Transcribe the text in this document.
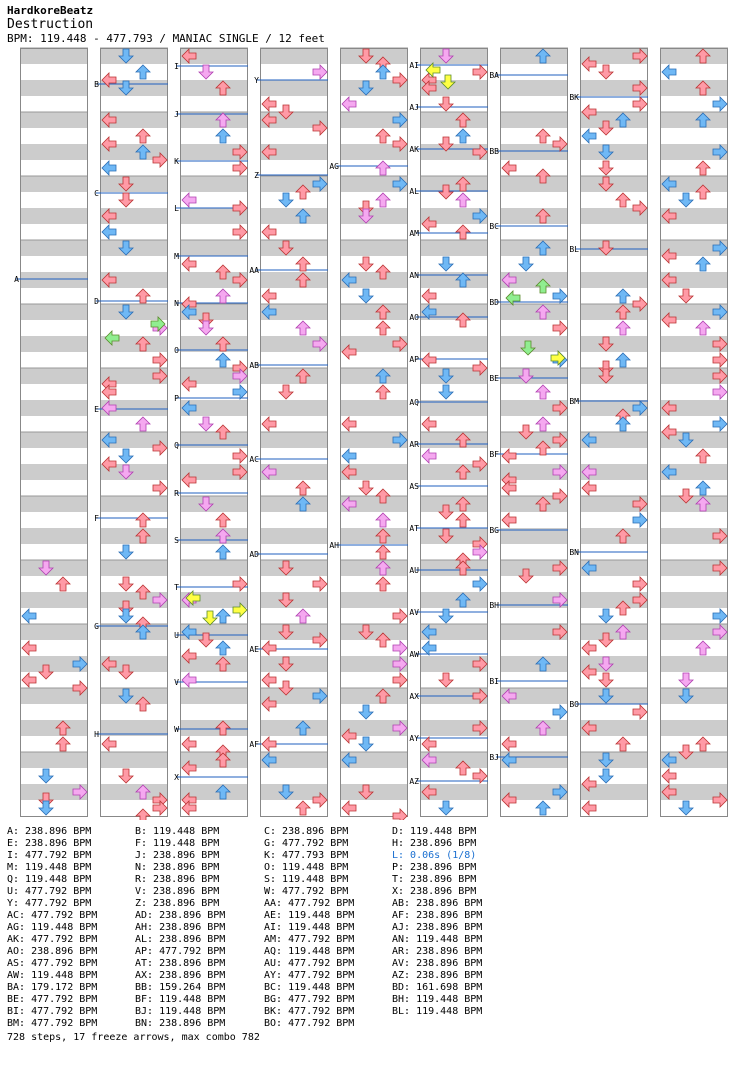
HardkoreBeatz
Destruction
BPM: 119.448 - 477.793 / MANIAC SINGLE / 12 feet
A
B
C
D
E
F
G
H
I
J
K
L
M
N
O
P
Q
R
S
T
U
V
W
X
Y
Z
AA
AB
AC
AD
AE
AF
AG
AH
AI
AJ
AK
AL
AM
AN
AO
AP
AQ
AR
AS
AT
AU
AV
AW
AX
AY
AZ
BA
BB
BC
BD
BE
BF
BG
BH
BI
BJ
BK
BL
BM
BN
BO
A: 238.896 BPM	B: 119.448 BPM	C: 238.896 BPM	D: 119.448 BPM
E: 238.896 BPM	F: 119.448 BPM	G: 477.792 BPM	H: 238.896 BPM
I: 477.792 BPM	J: 238.896 BPM	K: 477.793 BPM	L: 0.06s (1/8)
M: 119.448 BPM	N: 238.896 BPM	O: 119.448 BPM	P: 238.896 BPM
Q: 119.448 BPM	R: 238.896 BPM	S: 119.448 BPM	T: 238.896 BPM
U: 477.792 BPM	V: 238.896 BPM	W: 477.792 BPM	X: 238.896 BPM
Y: 477.792 BPM	Z: 238.896 BPM	AA: 477.792 BPM	AB: 238.896 BPM
AC: 477.792 BPM	AD: 238.896 BPM	AE: 119.448 BPM	AF: 238.896 BPM
AG: 119.448 BPM	AH: 238.896 BPM	AI: 119.448 BPM	AJ: 238.896 BPM
AK: 477.792 BPM	AL: 238.896 BPM	AM: 477.792 BPM	AN: 119.448 BPM
AO: 238.896 BPM	AP: 477.792 BPM	AQ: 119.448 BPM	AR: 238.896 BPM
AS: 477.792 BPM	AT: 238.896 BPM	AU: 477.792 BPM	AV: 238.896 BPM
AW: 119.448 BPM	AX: 238.896 BPM	AY: 477.792 BPM	AZ: 238.896 BPM
BA: 179.172 BPM	BB: 159.264 BPM	BC: 119.448 BPM	BD: 161.698 BPM
BE: 477.792 BPM	BF: 119.448 BPM	BG: 477.792 BPM	BH: 119.448 BPM
BI: 477.792 BPM	BJ: 119.448 BPM	BK: 477.792 BPM	BL: 119.448 BPM
BM: 477.792 BPM	BN: 238.896 BPM	BO: 477.792 BPM
728 steps, 17 freeze arrows, max combo 782
